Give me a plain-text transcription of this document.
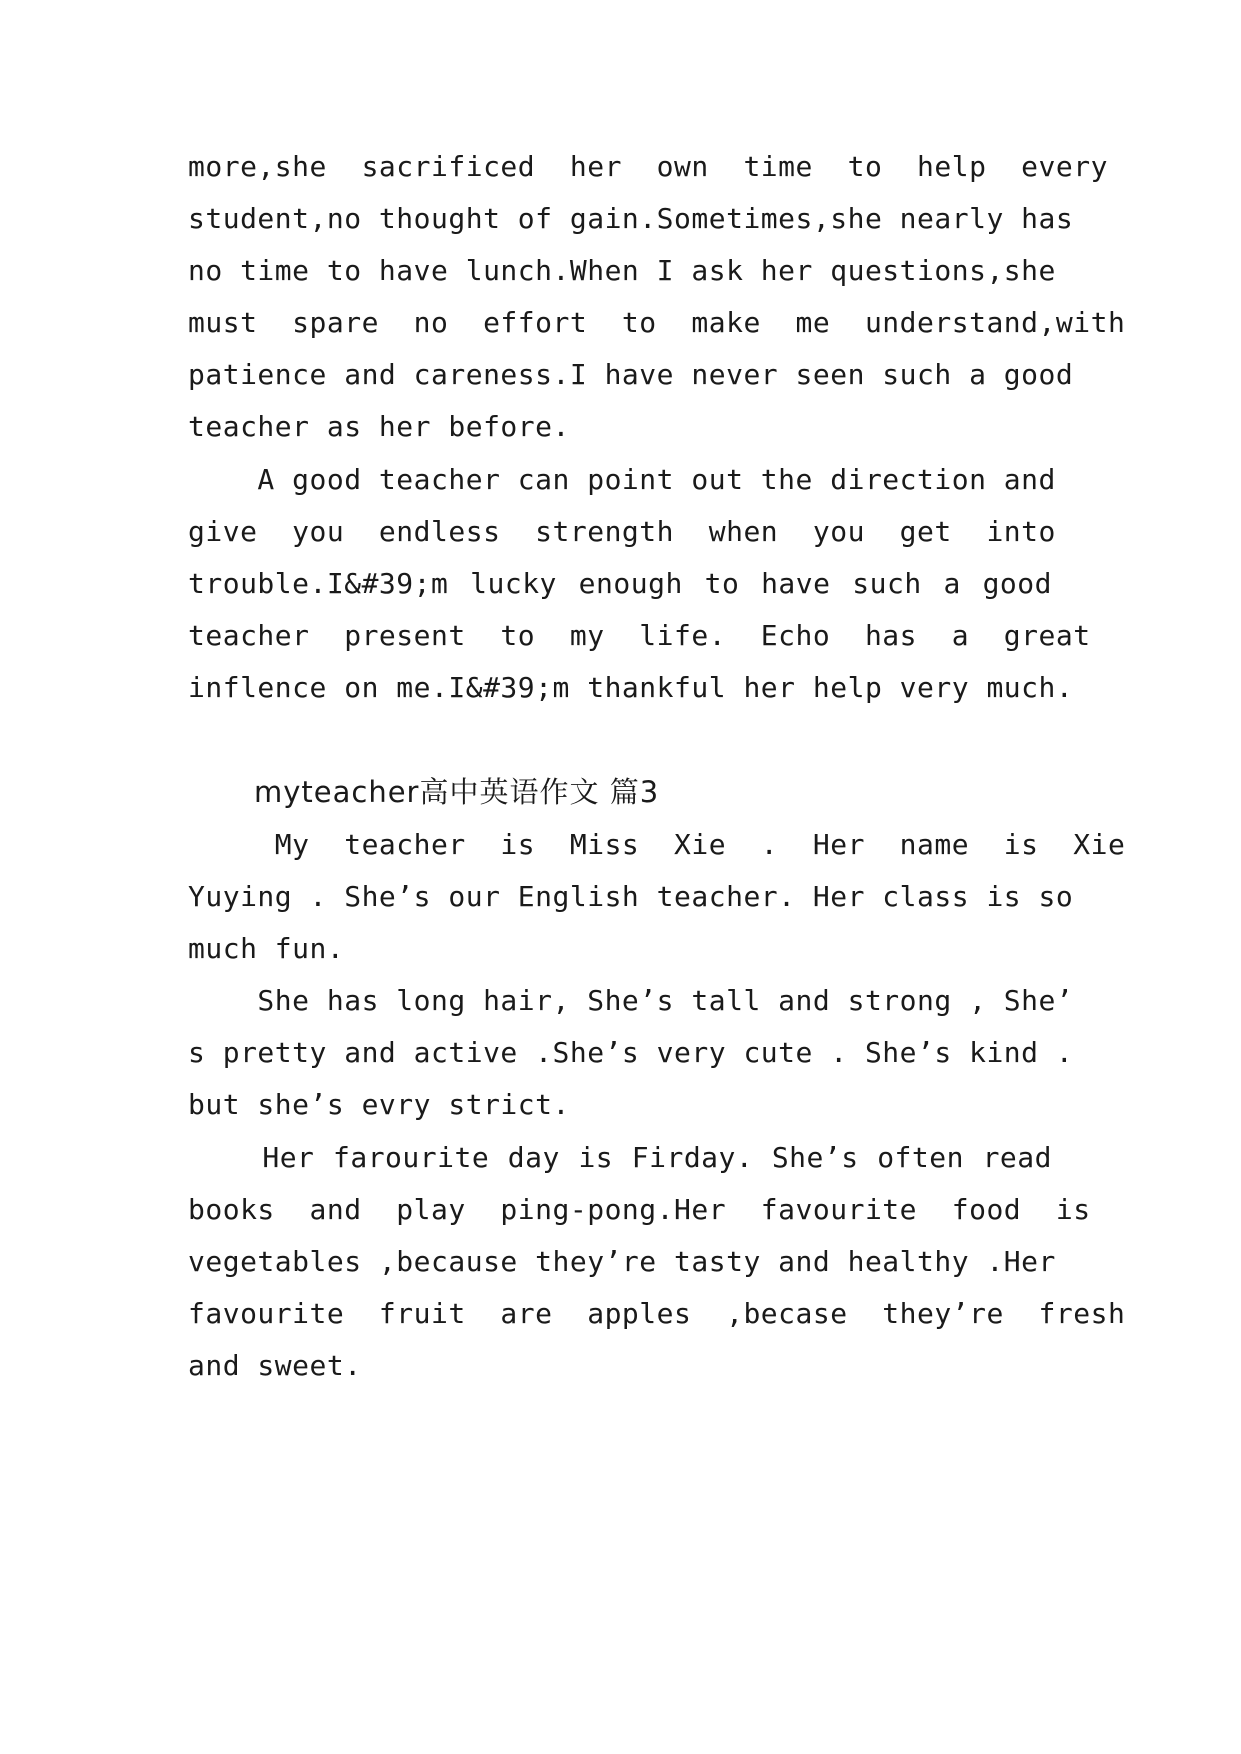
more,she  sacrificed  her  own  time  to  help  every
student,no thought of gain.Sometimes,she nearly has
no time to have lunch.When I ask her questions,she
must  spare  no  effort  to  make  me  understand,with
patience and careness.I have never seen such a good
teacher as her before.
A good teacher can point out the direction and
give  you  endless  strength  when  you  get  into
trouble.I&#39;m lucky enough to have such a good
teacher  present  to  my  life.  Echo  has  a  great
inflence on me.I&#39;m thankful her help very much.
myteacher高中英语作文 篇3
My  teacher  is  Miss  Xie  .  Her  name  is  Xie
Yuying . She’s our English teacher. Her class is so
much fun.
She has long hair, She’s tall and strong , She’
s pretty and active .She’s very cute . She’s kind .
but she’s evry strict.
Her farourite day is Firday. She’s often read
books  and  play  ping-pong.Her  favourite  food  is
vegetables ,because they’re tasty and healthy .Her
favourite  fruit  are  apples  ,becase  they’re  fresh
and sweet.
